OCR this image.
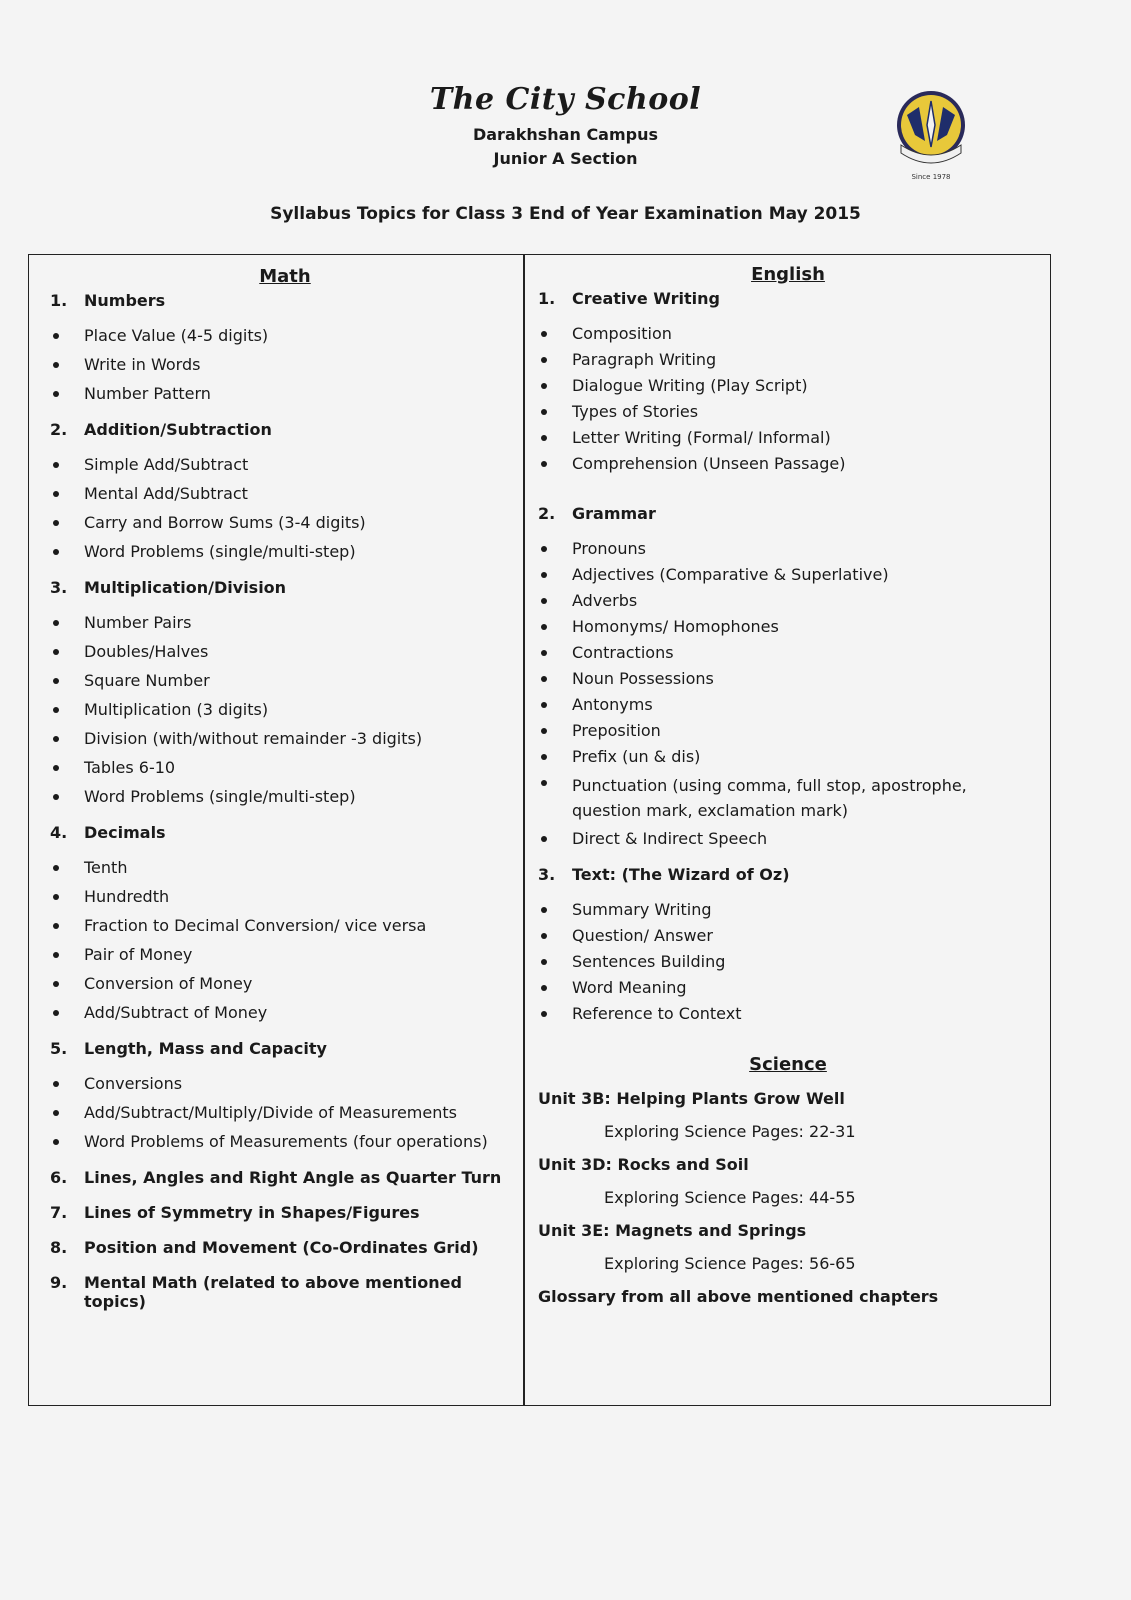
The City School

Darakhshan Campus

Junior A Section

Since 1978
Syllabus Topics for Class 3 End of Year Examination May 2015

Math

1.	Numbers
Place Value (4-5 digits)
Write in Words
Number Pattern
2.	Addition/Subtraction
Simple Add/Subtract
Mental Add/Subtract
Carry and Borrow Sums (3-4 digits)
Word Problems (single/multi-step)
3.	Multiplication/Division
Number Pairs
Doubles/Halves
Square Number
Multiplication (3 digits)
Division (with/without remainder -3 digits)
Tables 6-10
Word Problems (single/multi-step)
4.	Decimals
Tenth
Hundredth
Fraction to Decimal Conversion/ vice versa
Pair of Money
Conversion of Money
Add/Subtract of Money
5.	Length, Mass and Capacity
Conversions
Add/Subtract/Multiply/Divide of Measurements
Word Problems of Measurements (four operations)
6.	Lines, Angles and Right Angle as Quarter Turn
7.	Lines of Symmetry in Shapes/Figures
8.	Position and Movement (Co-Ordinates Grid)
9.	Mental Math (related to above mentioned topics)

English

1.	Creative Writing
Composition
Paragraph Writing
Dialogue Writing (Play Script)
Types of Stories
Letter Writing (Formal/ Informal)
Comprehension (Unseen Passage)
2.	Grammar
Pronouns
Adjectives (Comparative & Superlative)
Adverbs
Homonyms/ Homophones
Contractions
Noun Possessions
Antonyms
Preposition
Prefix (un & dis)
Punctuation (using comma, full stop, apostrophe, question mark, exclamation mark)
Direct & Indirect Speech
3.	Text: (The Wizard of Oz)
Summary Writing
Question/ Answer
Sentences Building
Word Meaning
Reference to Context

Science

Unit 3B: Helping Plants Grow Well
Exploring Science Pages: 22-31
Unit 3D: Rocks and Soil
Exploring Science Pages: 44-55
Unit 3E: Magnets and Springs
Exploring Science Pages: 56-65
Glossary from all above mentioned chapters
